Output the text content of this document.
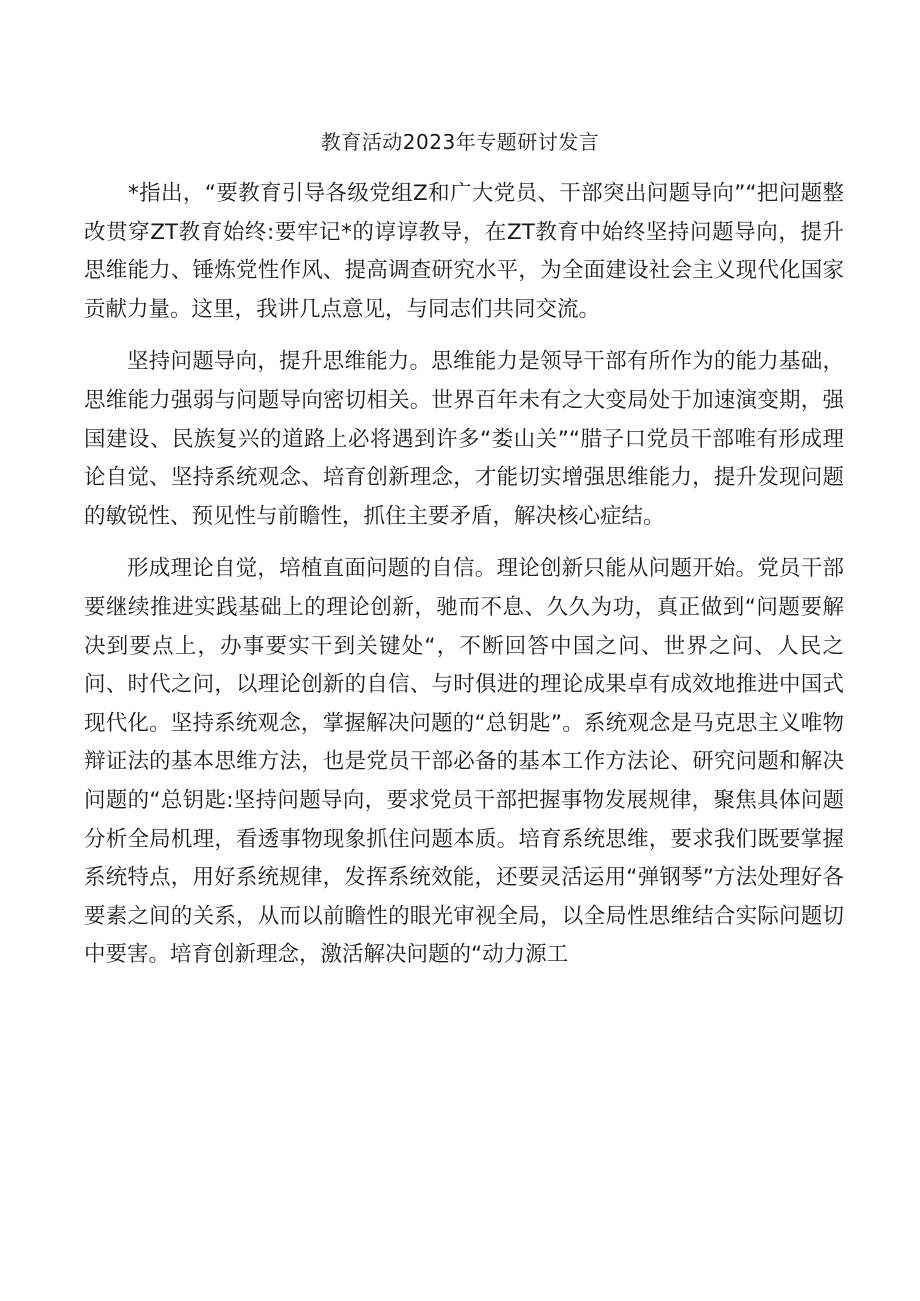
教育活动2023年专题研讨发言

*指出，“要教育引导各级党组Z和广大党员、干部突出问题导向”“把问题整改贯穿ZT教育始终:要牢记*的谆谆教导，在ZT教育中始终坚持问题导向，提升思维能力、锤炼党性作风、提高调查研究水平，为全面建设社会主义现代化国家贡献力量。这里，我讲几点意见，与同志们共同交流。

坚持问题导向，提升思维能力。思维能力是领导干部有所作为的能力基础，思维能力强弱与问题导向密切相关。世界百年未有之大变局处于加速演变期，强国建设、民族复兴的道路上必将遇到许多“娄山关”“腊子口党员干部唯有形成理论自觉、坚持系统观念、培育创新理念，才能切实增强思维能力，提升发现问题的敏锐性、预见性与前瞻性，抓住主要矛盾，解决核心症结。

形成理论自觉，培植直面问题的自信。理论创新只能从问题开始。党员干部要继续推进实践基础上的理论创新，驰而不息、久久为功，真正做到“问题要解决到要点上，办事要实干到关键处“，不断回答中国之问、世界之问、人民之问、时代之问，以理论创新的自信、与时俱进的理论成果卓有成效地推进中国式现代化。坚持系统观念，掌握解决问题的“总钥匙”。系统观念是马克思主义唯物辩证法的基本思维方法，也是党员干部必备的基本工作方法论、研究问题和解决问题的“总钥匙:坚持问题导向，要求党员干部把握事物发展规律，聚焦具体问题分析全局机理，看透事物现象抓住问题本质。培育系统思维，要求我们既要掌握系统特点，用好系统规律，发挥系统效能，还要灵活运用“弹钢琴”方法处理好各要素之间的关系，从而以前瞻性的眼光审视全局，以全局性思维结合实际问题切中要害。培育创新理念，激活解决问题的“动力源工
